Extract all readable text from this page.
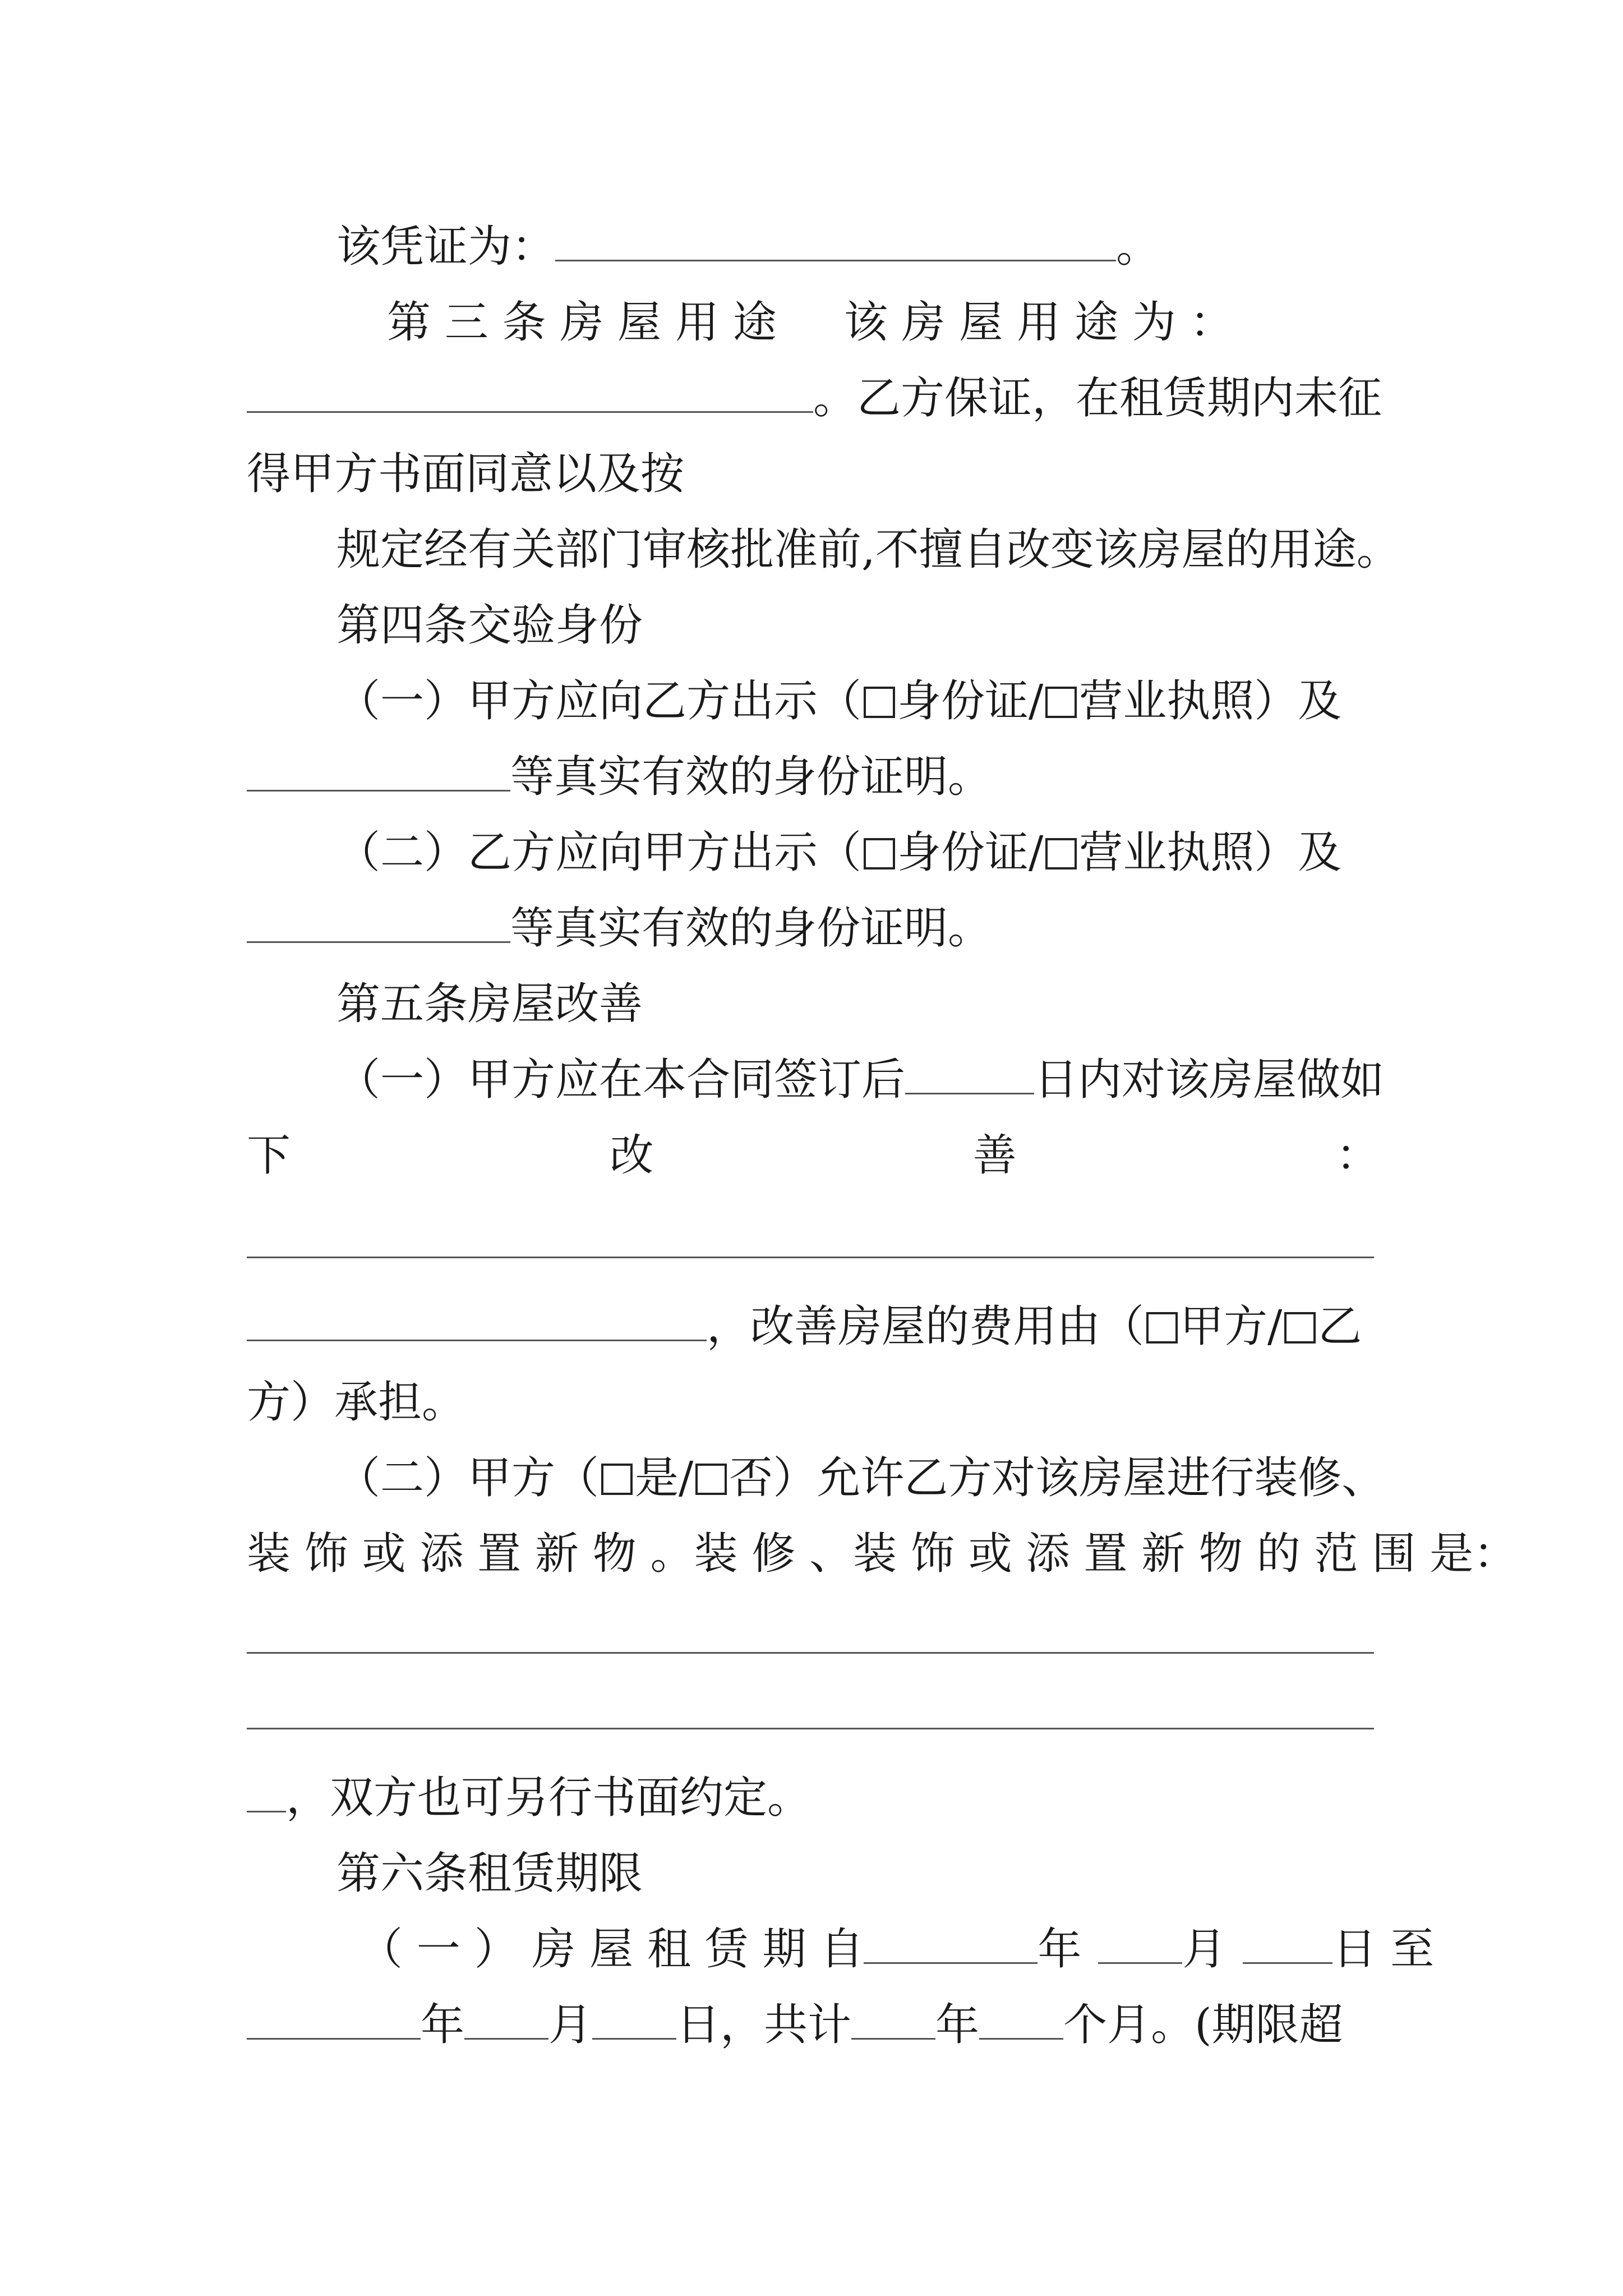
该凭证为：	。
第 三 条 房 屋 用 途 该 房 屋 用 途 为 ：
。乙方保证，在租赁期内未征
得甲方书面同意以及按
规定经有关部门审核批准前,不擅自改变该房屋的用途。
第四条交验身份
（一）甲方应向乙方出示（ 身份证/ 营业执照）及
等真实有效的身份证明。
（二）乙方应向甲方出示（ 身份证/ 营业执照）及
等真实有效的身份证明。
第五条房屋改善
（一）甲方应在本合同签订后	日内对该房屋做如
下	改	善	：
，改善房屋的费用由（ 甲方/ 乙
方）承担。
（二）甲方（ 是/ 否）允许乙方对该房屋进行装修、
装 饰 或 添 置 新 物 。装 修 、装 饰 或 添 置 新 物 的 范 围 是：
，双方也可另行书面约定。
第六条租赁期限
（ 一 ） 房 屋 租 赁 期 自	年 月 日 至
年 月 日，共计 年 个月。(期限超
